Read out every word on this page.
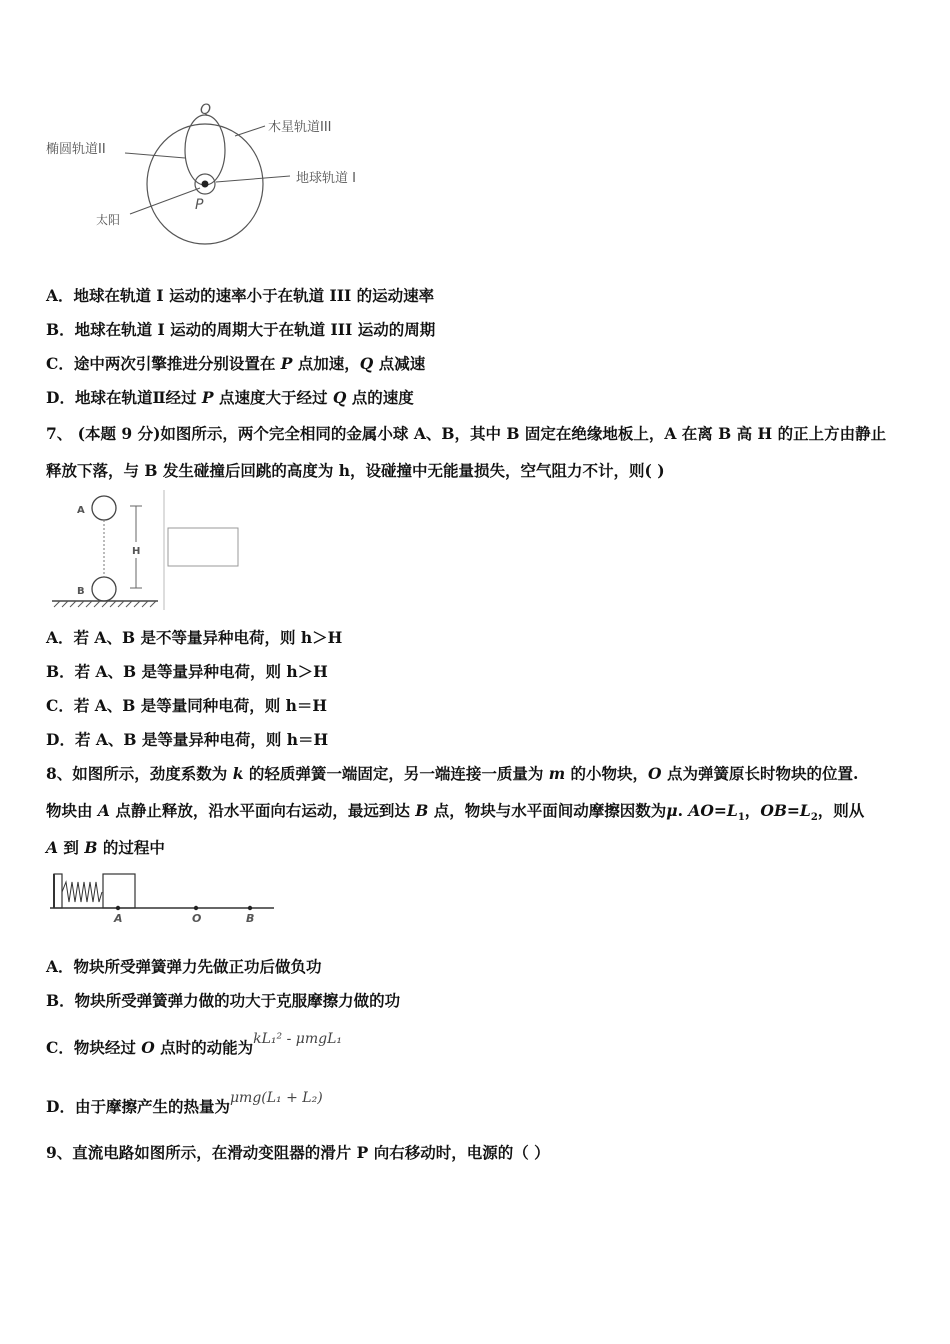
Q
P
木星轨道III
椭圆轨道II
地球轨道 I
太阳
A．地球在轨道 I 运动的速率小于在轨道 III 的运动速率
B．地球在轨道 I 运动的周期大于在轨道 III 运动的周期
C．途中两次引擎推进分别设置在 P 点加速，Q 点减速
D．地球在轨道Ⅱ经过 P 点速度大于经过 Q 点的速度
7、 (本题 9 分)如图所示，两个完全相同的金属小球 A、B，其中 B 固定在绝缘地板上，A 在离 B 高 H 的正上方由静止
释放下落，与 B 发生碰撞后回跳的高度为 h，设碰撞中无能量损失，空气阻力不计，则( )
A
B
H
A．若 A、B 是不等量异种电荷，则 h＞H
B．若 A、B 是等量异种电荷，则 h＞H
C．若 A、B 是等量同种电荷，则 h＝H
D．若 A、B 是等量异种电荷，则 h＝H
8、如图所示，劲度系数为 k 的轻质弹簧一端固定，另一端连接一质量为 m 的小物块，O 点为弹簧原长时物块的位置.
物块由 A 点静止释放，沿水平面向右运动，最远到达 B 点，物块与水平面间动摩擦因数为μ. $AO=L_1$，$OB=L_2$，则从
A 到 B 的过程中
A	O	B
A．物块所受弹簧弹力先做正功后做负功
B．物块所受弹簧弹力做的功大于克服摩擦力做的功
C．物块经过 O 点时的动能为kL₁² - μmgL₁
D．由于摩擦产生的热量为μmg(L₁ + L₂)
9、直流电路如图所示，在滑动变阻器的滑片 P 向右移动时，电源的（ ）
